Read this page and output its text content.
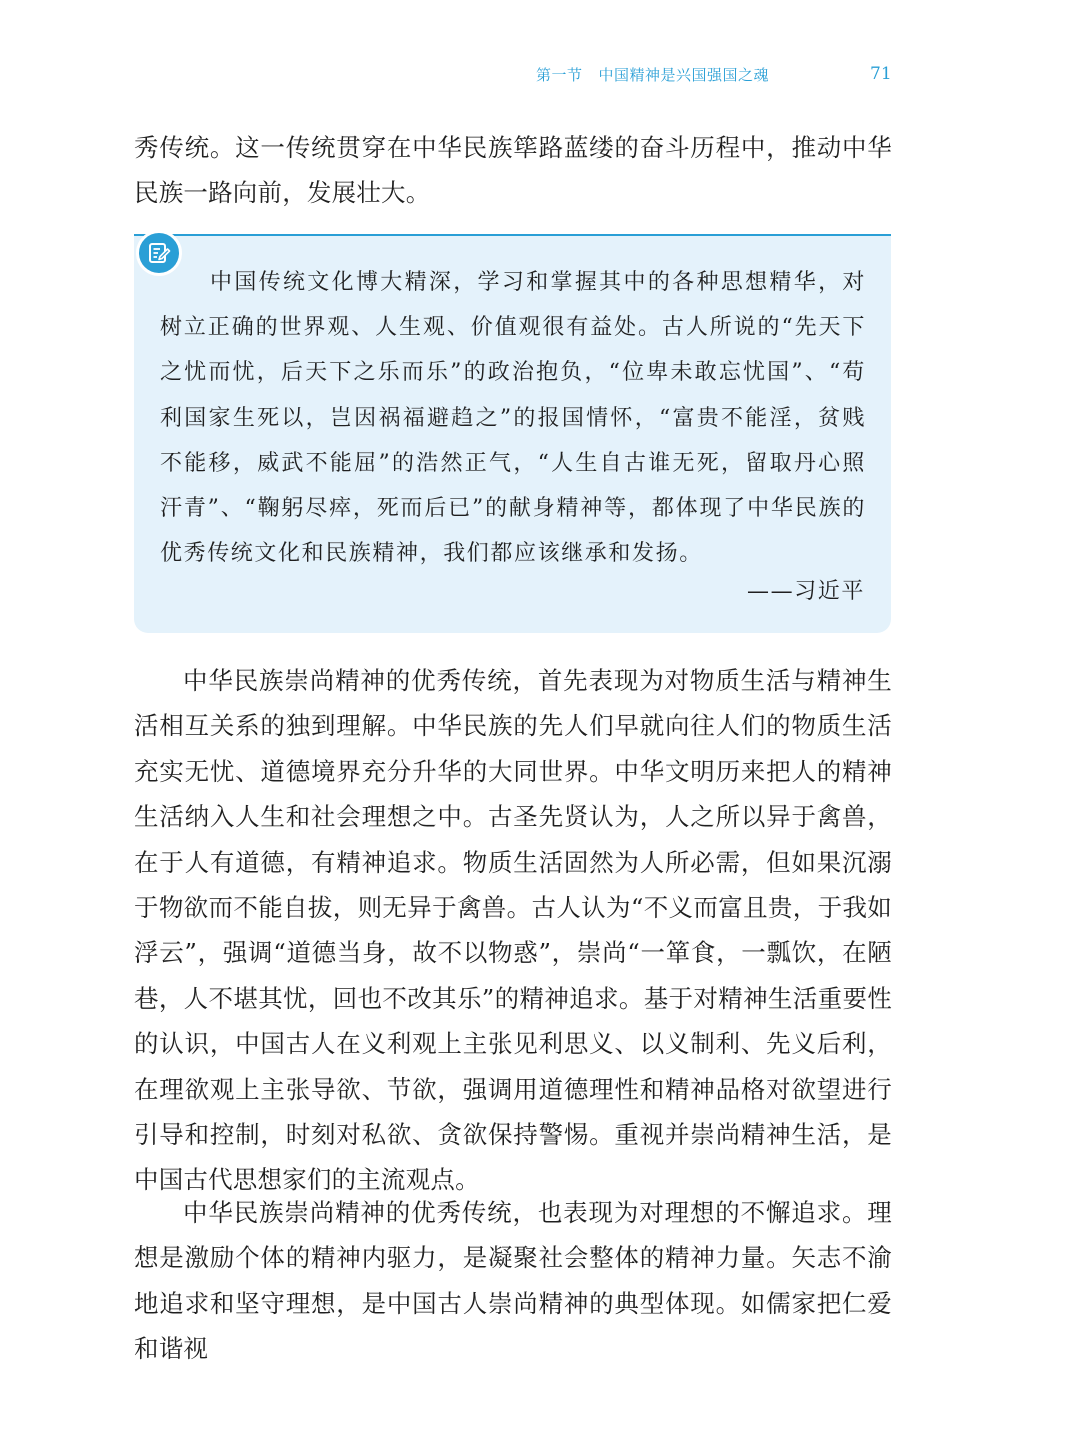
第一节 中国精神是兴国强国之魂	71

秀传统。这一传统贯穿在中华民族筚路蓝缕的奋斗历程中，推动中华民族一路向前，发展壮大。

中国传统文化博大精深，学习和掌握其中的各种思想精华，对树立正确的世界观、人生观、价值观很有益处。古人所说的“先天下之忧而忧，后天下之乐而乐”的政治抱负，“位卑未敢忘忧国”、“苟利国家生死以，岂因祸福避趋之”的报国情怀，“富贵不能淫，贫贱不能移，威武不能屈”的浩然正气，“人生自古谁无死，留取丹心照汗青”、“鞠躬尽瘁，死而后已”的献身精神等，都体现了中华民族的优秀传统文化和民族精神，我们都应该继承和发扬。

——习近平

中华民族崇尚精神的优秀传统，首先表现为对物质生活与精神生活相互关系的独到理解。中华民族的先人们早就向往人们的物质生活充实无忧、道德境界充分升华的大同世界。中华文明历来把人的精神生活纳入人生和社会理想之中。古圣先贤认为，人之所以异于禽兽，在于人有道德，有精神追求。物质生活固然为人所必需，但如果沉溺于物欲而不能自拔，则无异于禽兽。古人认为“不义而富且贵，于我如浮云”，强调“道德当身，故不以物惑”，崇尚“一箪食，一瓢饮，在陋巷，人不堪其忧，回也不改其乐”的精神追求。基于对精神生活重要性的认识，中国古人在义利观上主张见利思义、以义制利、先义后利，在理欲观上主张导欲、节欲，强调用道德理性和精神品格对欲望进行引导和控制，时刻对私欲、贪欲保持警惕。重视并崇尚精神生活，是中国古代思想家们的主流观点。

中华民族崇尚精神的优秀传统，也表现为对理想的不懈追求。理想是激励个体的精神内驱力，是凝聚社会整体的精神力量。矢志不渝地追求和坚守理想，是中国古人崇尚精神的典型体现。如儒家把仁爱和谐视
